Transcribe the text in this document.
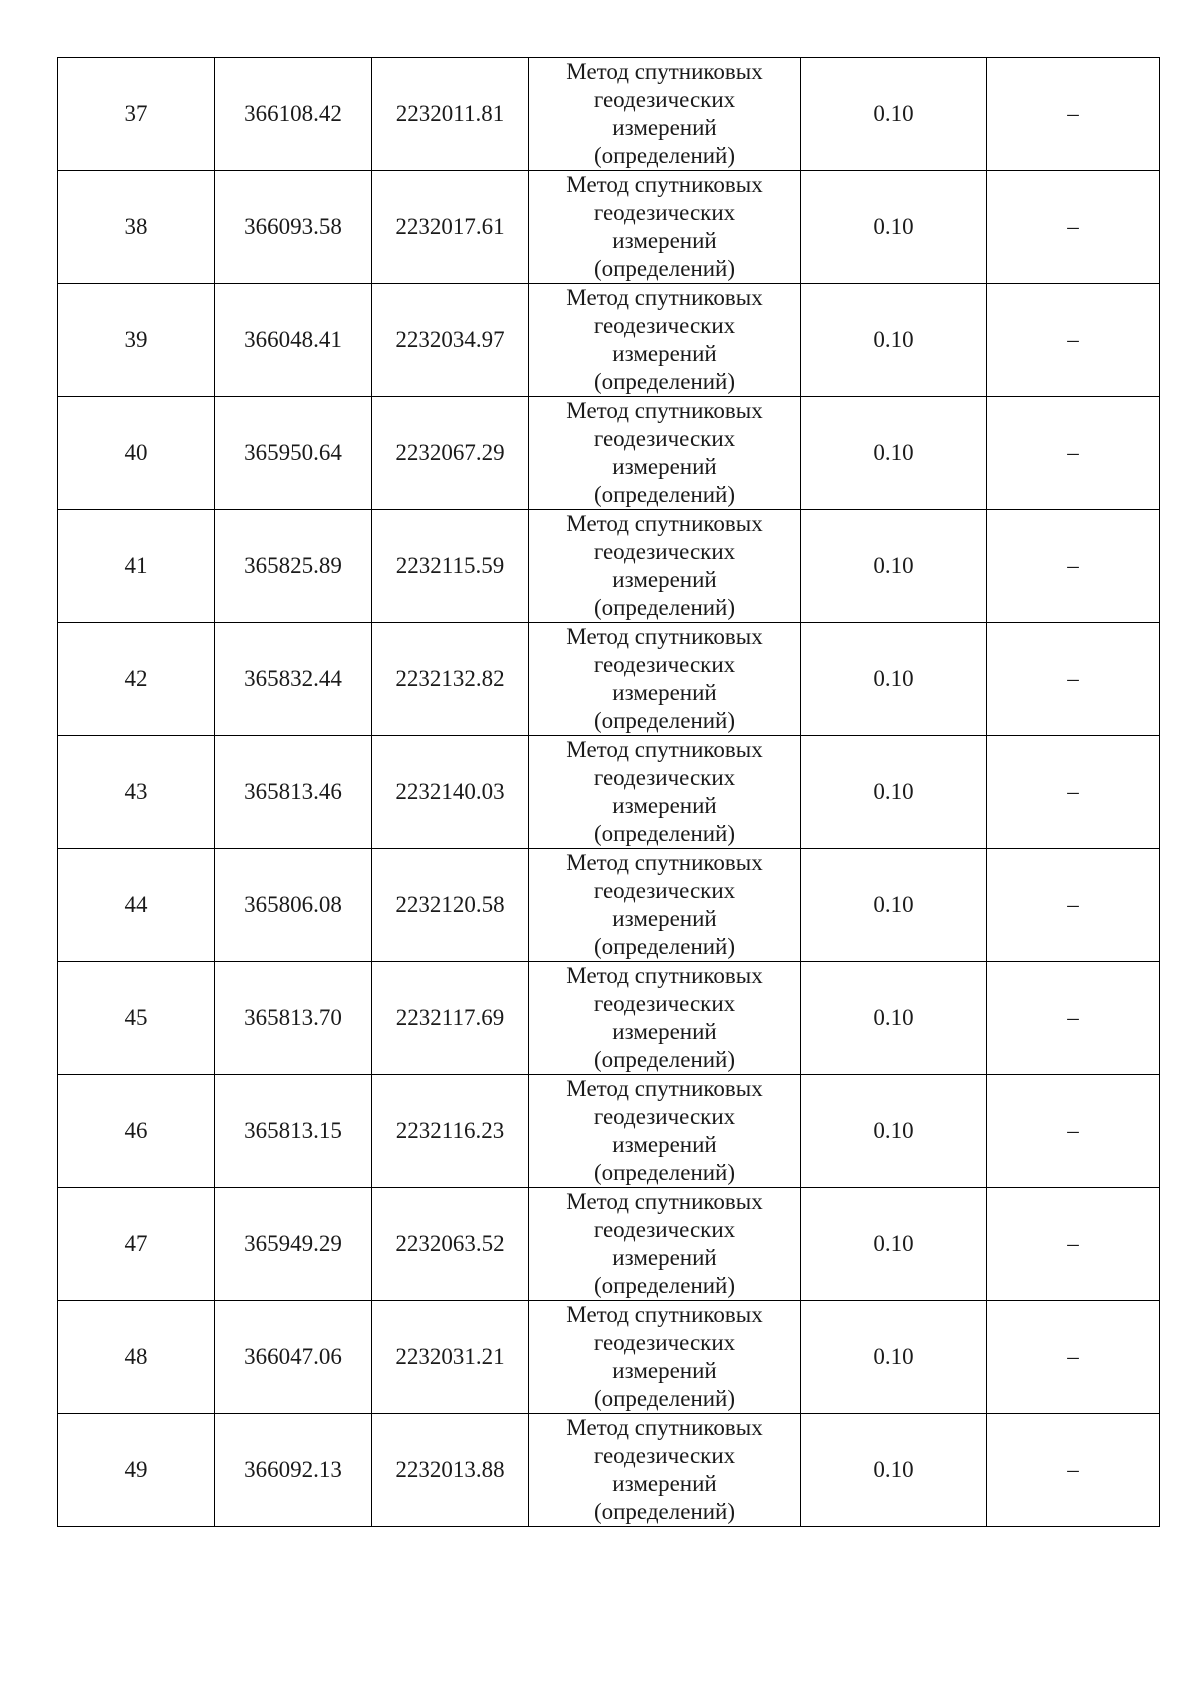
37	366108.42	2232011.81	Метод спутниковых
геодезических
измерений
(определений)	0.10	–
38	366093.58	2232017.61	Метод спутниковых
геодезических
измерений
(определений)	0.10	–
39	366048.41	2232034.97	Метод спутниковых
геодезических
измерений
(определений)	0.10	–
40	365950.64	2232067.29	Метод спутниковых
геодезических
измерений
(определений)	0.10	–
41	365825.89	2232115.59	Метод спутниковых
геодезических
измерений
(определений)	0.10	–
42	365832.44	2232132.82	Метод спутниковых
геодезических
измерений
(определений)	0.10	–
43	365813.46	2232140.03	Метод спутниковых
геодезических
измерений
(определений)	0.10	–
44	365806.08	2232120.58	Метод спутниковых
геодезических
измерений
(определений)	0.10	–
45	365813.70	2232117.69	Метод спутниковых
геодезических
измерений
(определений)	0.10	–
46	365813.15	2232116.23	Метод спутниковых
геодезических
измерений
(определений)	0.10	–
47	365949.29	2232063.52	Метод спутниковых
геодезических
измерений
(определений)	0.10	–
48	366047.06	2232031.21	Метод спутниковых
геодезических
измерений
(определений)	0.10	–
49	366092.13	2232013.88	Метод спутниковых
геодезических
измерений
(определений)	0.10	–
